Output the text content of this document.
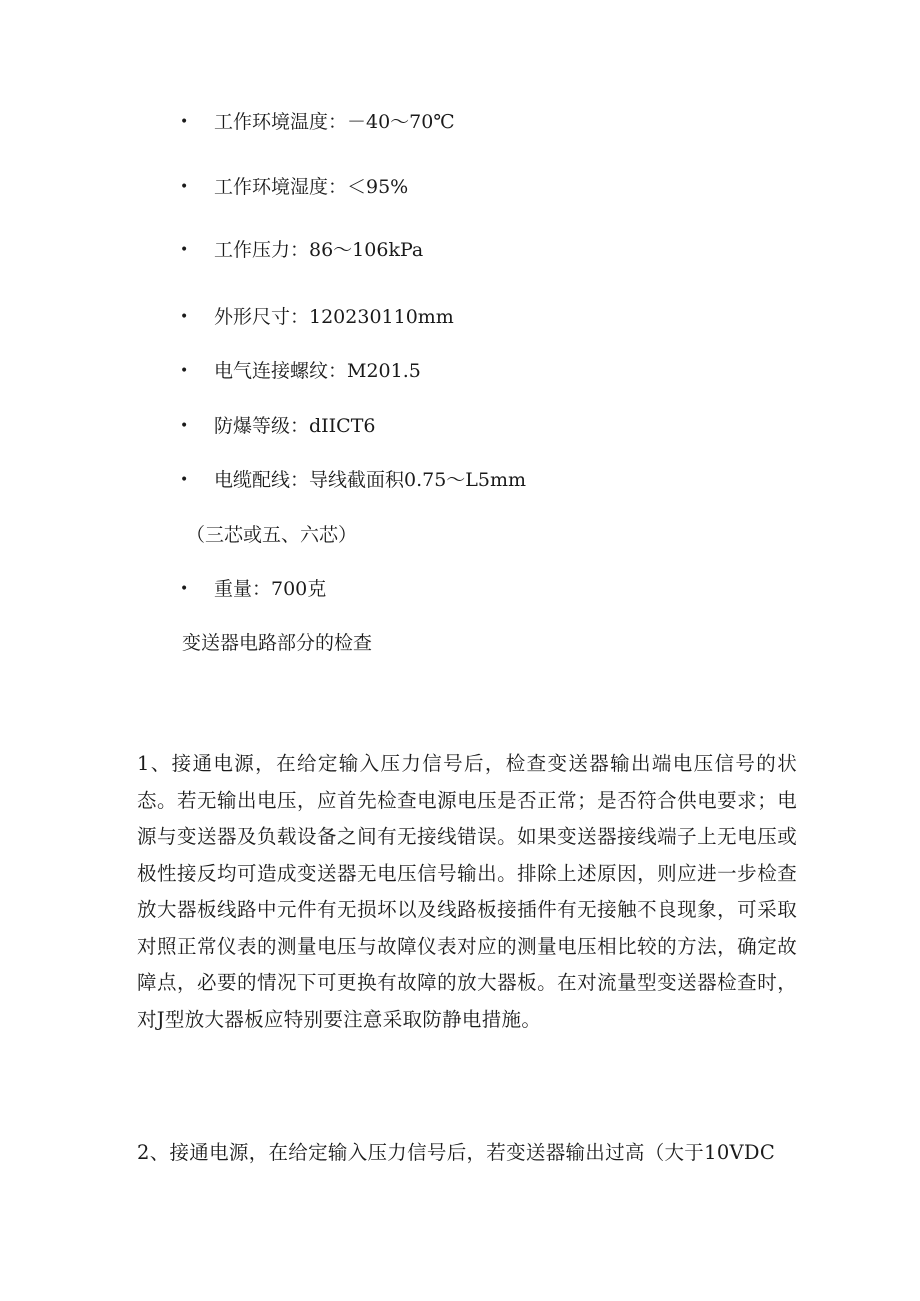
• 工作环境温度：－40～70℃
• 工作环境湿度：＜95%
• 工作压力：86～106kPa
• 外形尺寸：120230110mm
• 电气连接螺纹：M201.5
• 防爆等级：dIICT6
• 电缆配线：导线截面积0.75～L5mm
（三芯或五、六芯）
• 重量：700克
变送器电路部分的检查
1、接通电源，在给定输入压力信号后，检查变送器输出端电压信号的状态。若无输出电压，应首先检查电源电压是否正常；是否符合供电要求；电源与变送器及负载设备之间有无接线错误。如果变送器接线端子上无电压或极性接反均可造成变送器无电压信号输出。排除上述原因，则应进一步检查放大器板线路中元件有无损坏以及线路板接插件有无接触不良现象，可采取对照正常仪表的测量电压与故障仪表对应的测量电压相比较的方法，确定故障点，必要的情况下可更换有故障的放大器板。在对流量型变送器检查时，对J型放大器板应特别要注意采取防静电措施。
2、接通电源，在给定输入压力信号后，若变送器输出过高（大于10VDC
